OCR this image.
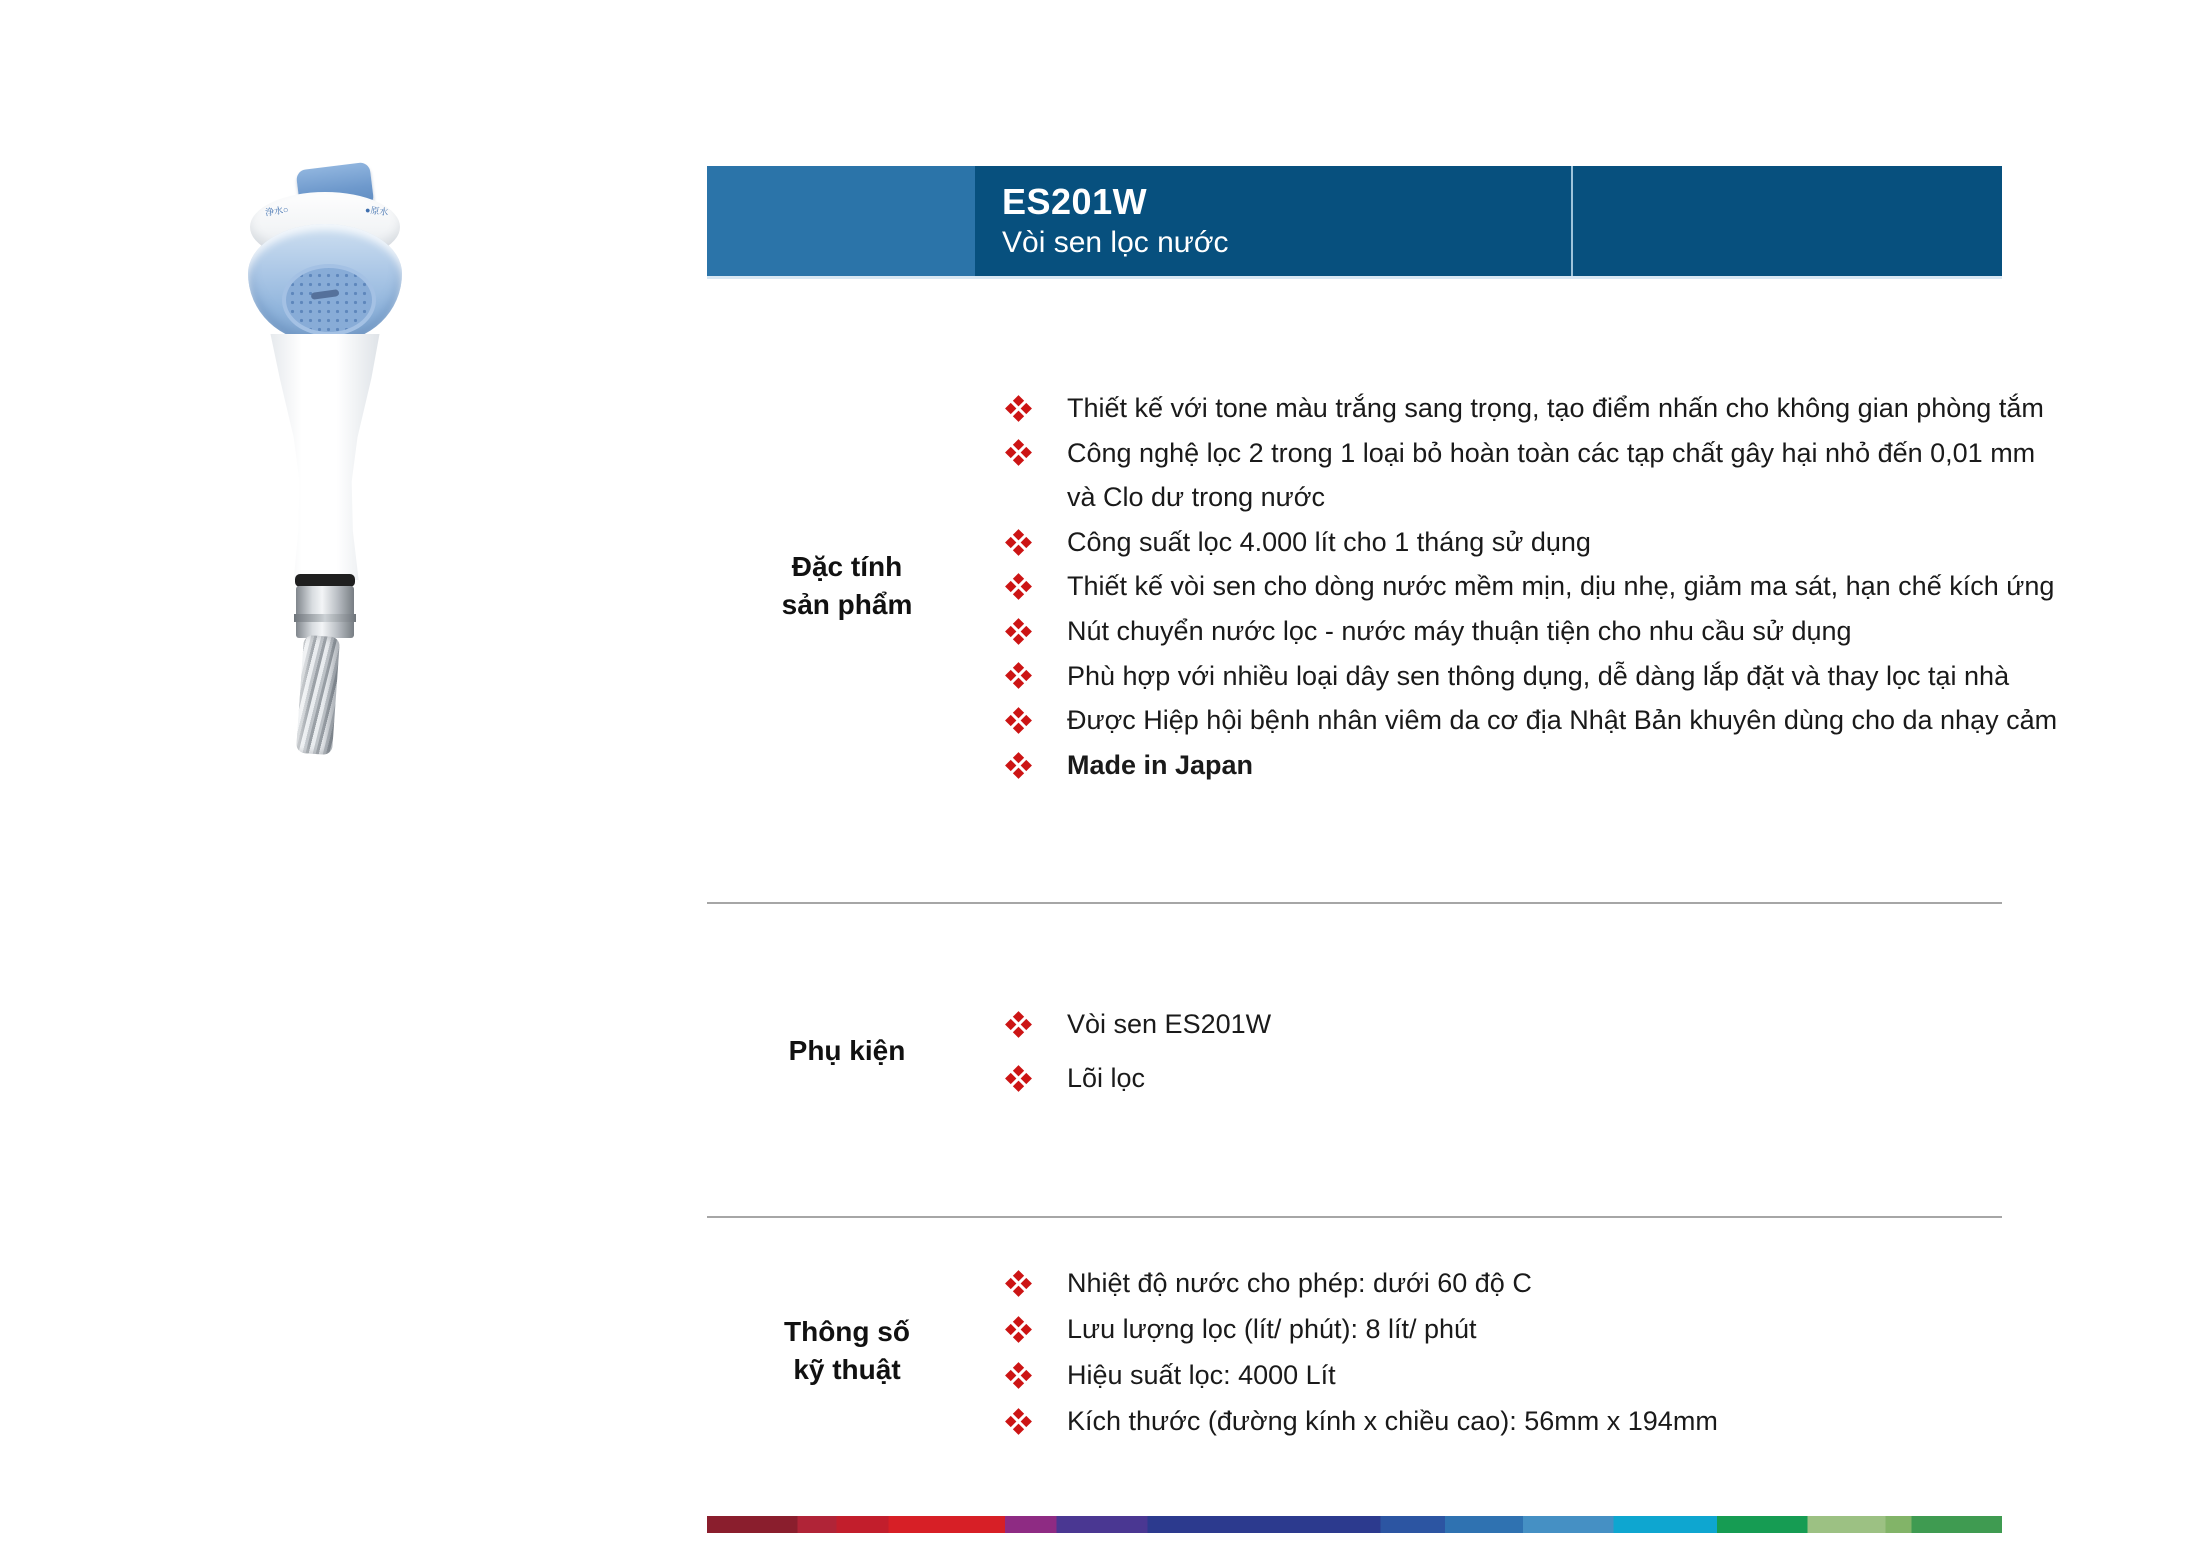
浄水○	●原水	ES201W
Vòi sen lọc nước
Đặc tính
sản phẩm
Thiết kế với tone màu trắng sang trọng, tạo điểm nhấn cho không gian phòng tắm
Công nghệ lọc 2 trong 1 loại bỏ hoàn toàn các tạp chất gây hại nhỏ đến 0,01 mm
và Clo dư trong nước
Công suất lọc 4.000 lít cho 1 tháng sử dụng
Thiết kế vòi sen cho dòng nước mềm mịn, dịu nhẹ, giảm ma sát, hạn chế kích ứng
Nút chuyển nước lọc - nước máy thuận tiện cho nhu cầu sử dụng
Phù hợp với nhiều loại dây sen thông dụng, dễ dàng lắp đặt và thay lọc tại nhà
Được Hiệp hội bệnh nhân viêm da cơ địa Nhật Bản khuyên dùng cho da nhạy cảm
Made in Japan
Phụ kiện
Vòi sen ES201W
Lõi lọc
Thông số
kỹ thuật
Nhiệt độ nước cho phép: dưới 60 độ C
Lưu lượng lọc (lít/ phút): 8 lít/ phút
Hiệu suất lọc: 4000 Lít
Kích thước (đường kính x chiều cao): 56mm x 194mm
